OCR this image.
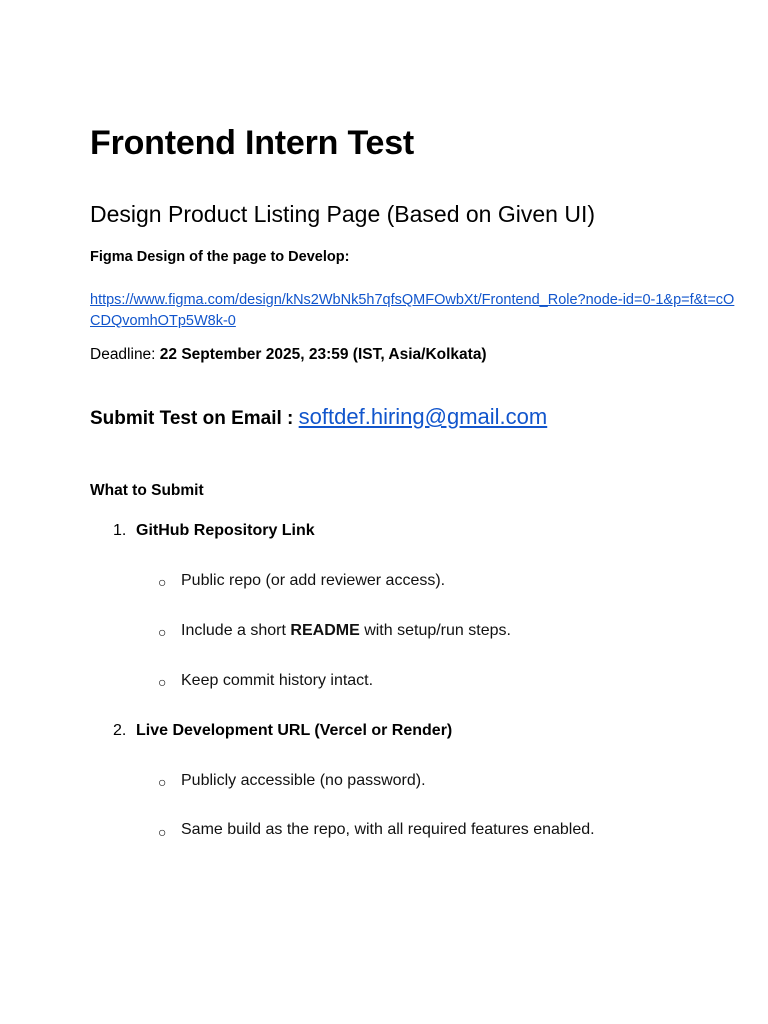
Frontend Intern Test
Design Product Listing Page (Based on Given UI)
Figma Design of the page to Develop:
https://www.figma.com/design/kNs2WbNk5h7qfsQMFOwbXt/Frontend_Role?node-id=0-1&p=f&t=cOCDQvomhOTp5W8k-0
Deadline: 22 September 2025, 23:59 (IST, Asia/Kolkata)
Submit Test on Email : softdef.hiring@gmail.com
What to Submit
1. GitHub Repository Link
○ Public repo (or add reviewer access).
○ Include a short README with setup/run steps.
○ Keep commit history intact.
2. Live Development URL (Vercel or Render)
○ Publicly accessible (no password).
○ Same build as the repo, with all required features enabled.
